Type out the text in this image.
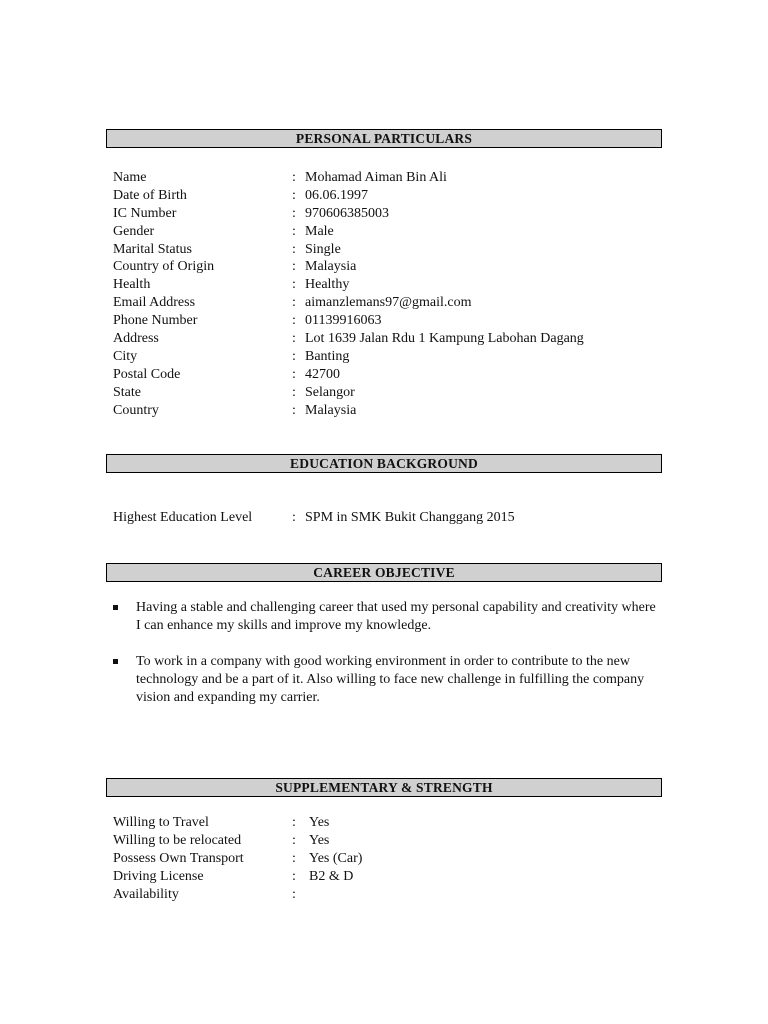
PERSONAL PARTICULARS
Name	: Mohamad Aiman Bin Ali
Date of Birth	: 06.06.1997
IC Number	: 970606385003
Gender	: Male
Marital Status	: Single
Country of Origin	: Malaysia
Health	: Healthy
Email Address	: aimanzlemans97@gmail.com
Phone Number	: 01139916063
Address	: Lot 1639 Jalan Rdu 1 Kampung Labohan Dagang
City	: Banting
Postal Code	: 42700
State	: Selangor
Country	: Malaysia
EDUCATION BACKGROUND
Highest Education Level	: SPM in SMK Bukit Changgang 2015
CAREER OBJECTIVE
Having a stable and challenging career that used my personal capability and creativity where I can enhance my skills and improve my knowledge.
To work in a company with good working environment in order to contribute to the new technology and be a part of it. Also willing to face new challenge in fulfilling the company vision and expanding my carrier.
SUPPLEMENTARY & STRENGTH
Willing to Travel	: Yes
Willing to be relocated	: Yes
Possess Own Transport	: Yes (Car)
Driving License	: B2 & D
Availability	:
